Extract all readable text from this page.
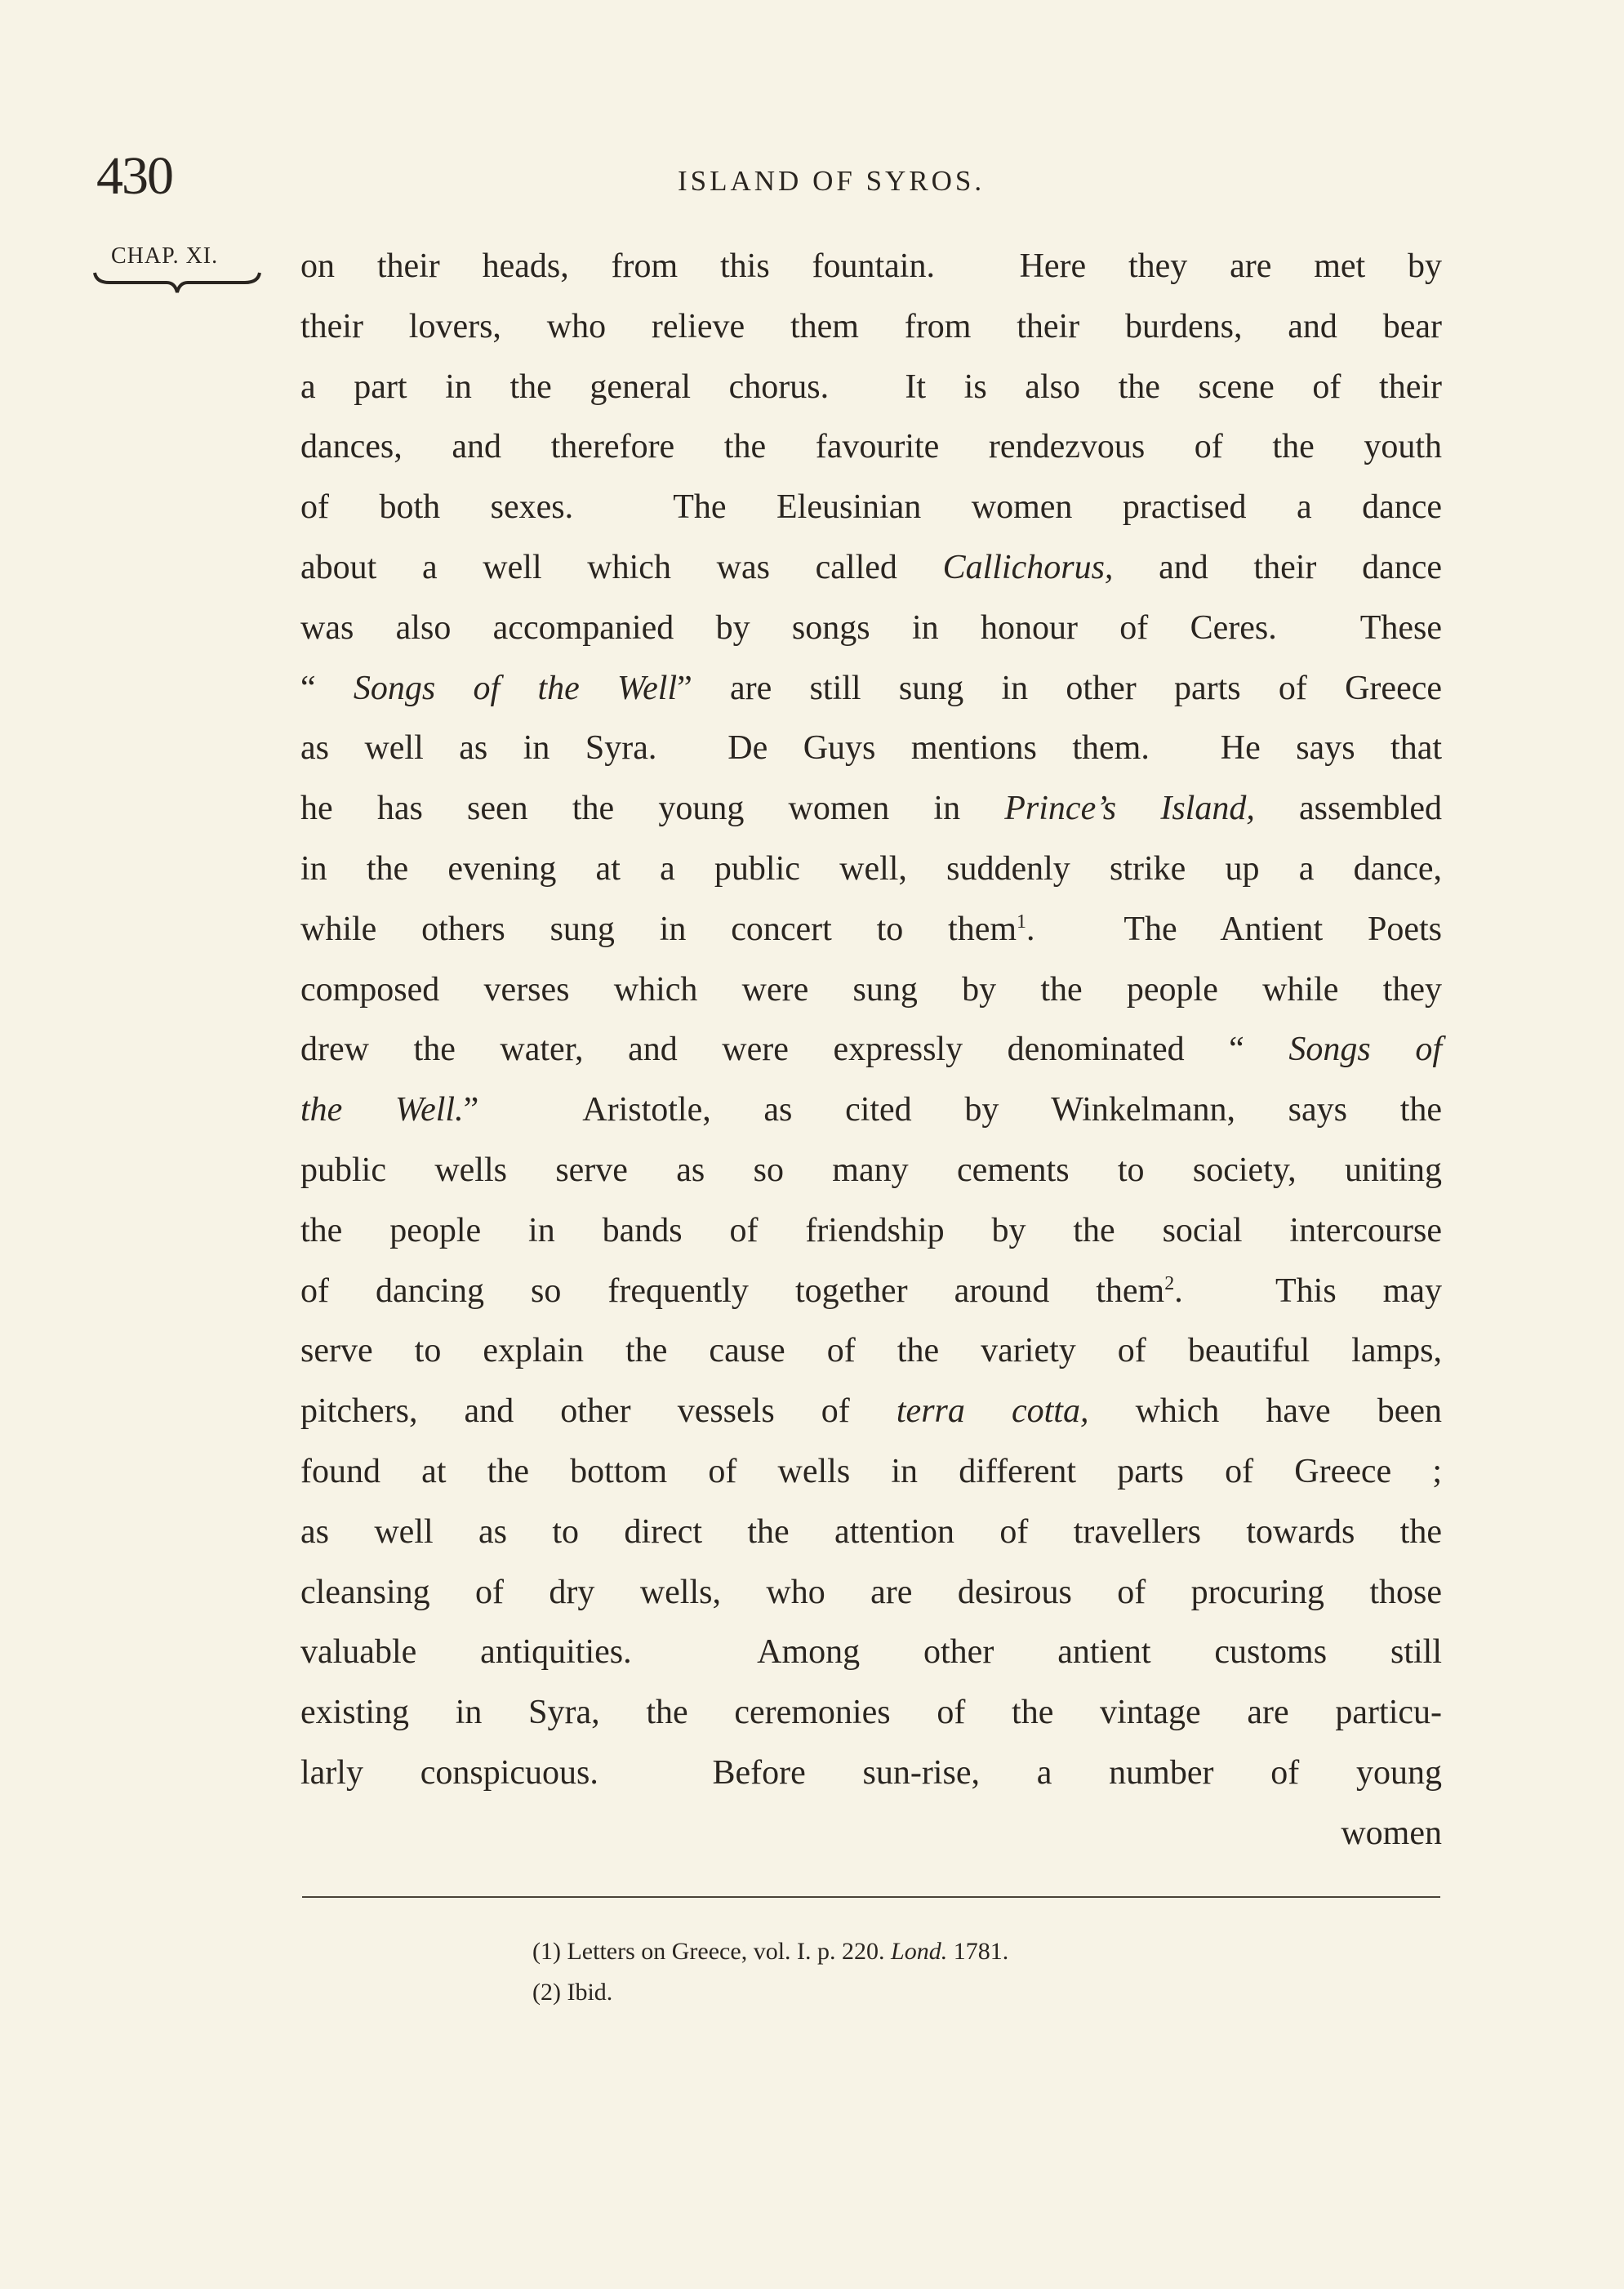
430	ISLAND OF SYROS.
CHAP. XI.	on their heads, from this fountain.  Here they are met by
their lovers, who relieve them from their burdens, and bear
a part in the general chorus.  It is also the scene of their
dances, and therefore the favourite rendezvous of the youth
of both sexes.  The Eleusinian women practised a dance
about a well which was called Callichorus, and their dance
was also accompanied by songs in honour of Ceres.  These
“ Songs of the Well” are still sung in other parts of Greece
as well as in Syra.  De Guys mentions them.  He says that
he has seen the young women in Prince’s Island, assembled
in the evening at a public well, suddenly strike up a dance,
while others sung in concert to them$^1$.  The Antient Poets
composed verses which were sung by the people while they
drew the water, and were expressly denominated “ Songs of
the Well.”  Aristotle, as cited by Winkelmann, says the
public wells serve as so many cements to society, uniting
the people in bands of friendship by the social intercourse
of dancing so frequently together around them$^2$.  This may
serve to explain the cause of the variety of beautiful lamps,
pitchers, and other vessels of terra cotta, which have been
found at the bottom of wells in different parts of Greece ;
as well as to direct the attention of travellers towards the
cleansing of dry wells, who are desirous of procuring those
valuable antiquities.  Among other antient customs still
existing in Syra, the ceremonies of the vintage are particu-
larly conspicuous.  Before sun-rise, a number of young
women
(1) Letters on Greece, vol. I. p. 220. Lond. 1781.
(2) Ibid.
